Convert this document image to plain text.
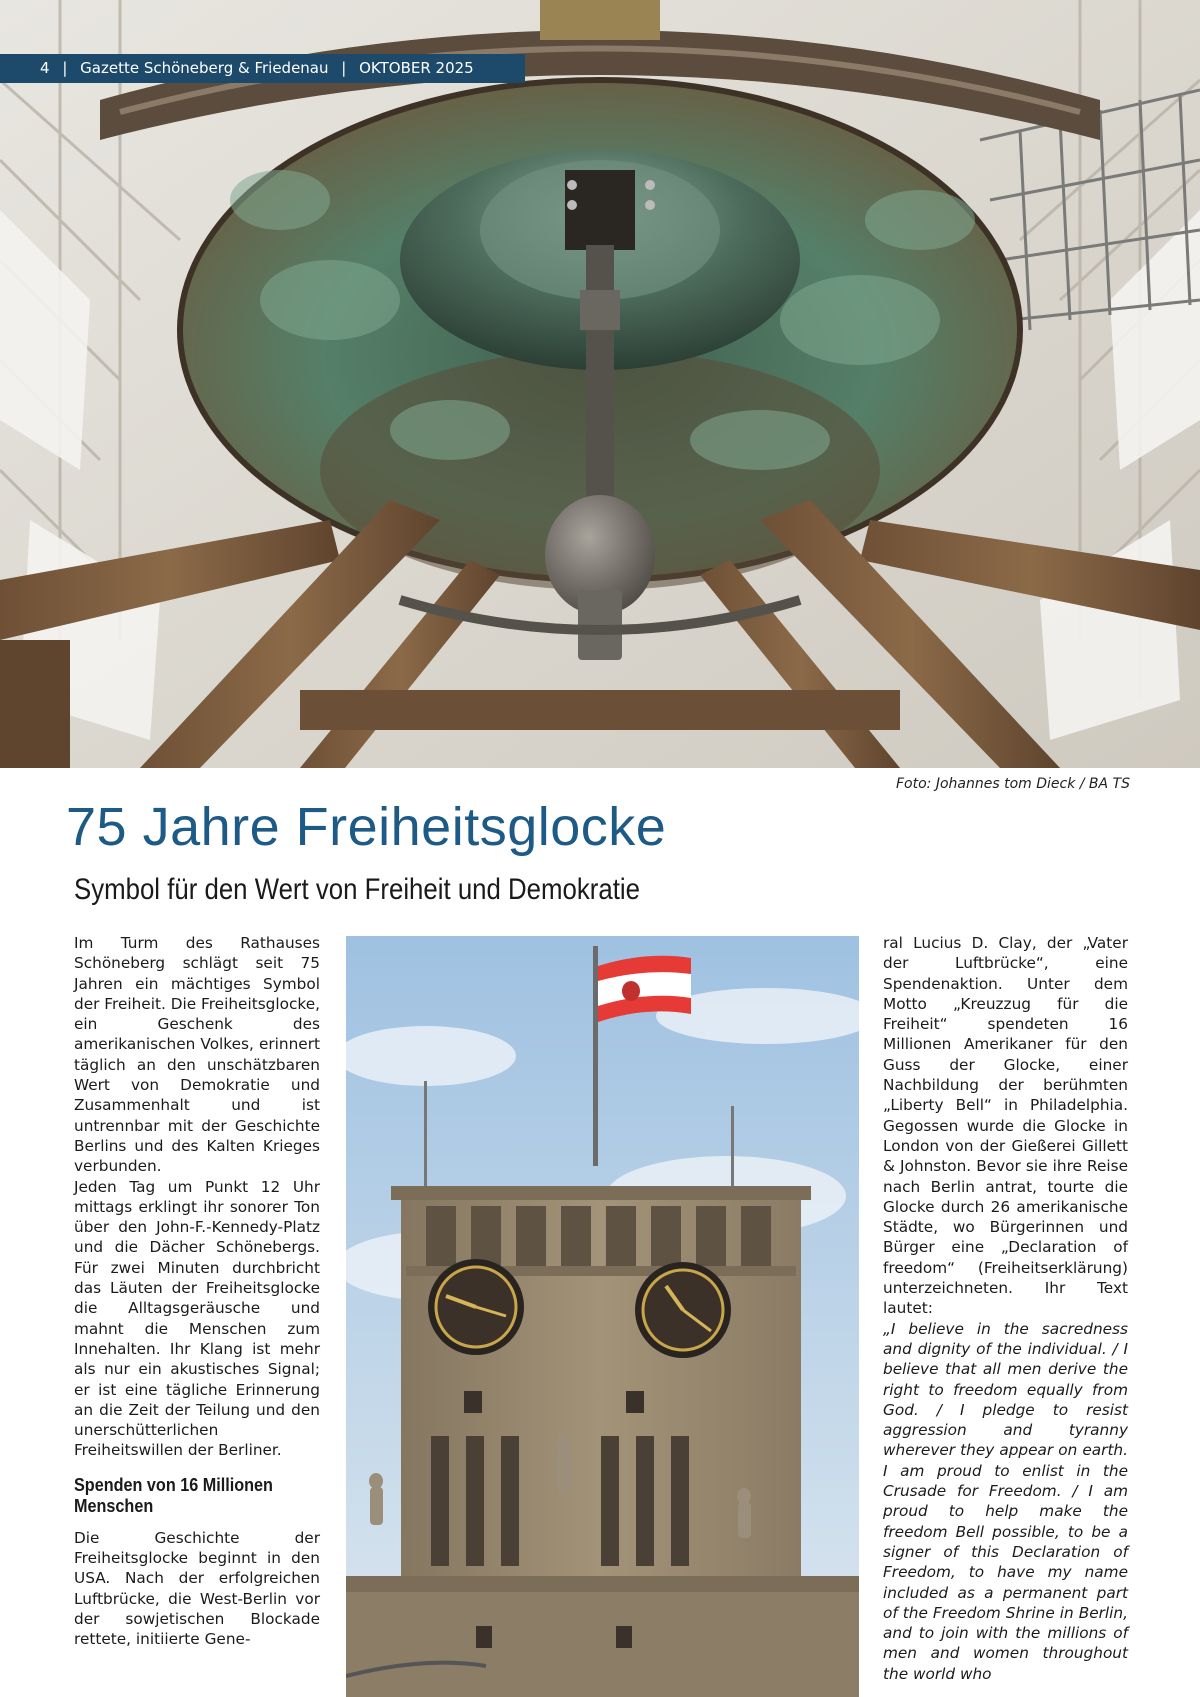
4 | Gazette Schöneberg & Friedenau | OKTOBER 2025
Foto: Johannes tom Dieck / BA TS
75 Jahre Freiheitsglocke
Symbol für den Wert von Freiheit und Demokratie

Im Turm des Rathauses Schöneberg schlägt seit 75 Jahren ein mächtiges Symbol der Freiheit. Die Freiheitsglocke, ein Geschenk des amerikanischen Volkes, erinnert täglich an den unschätzbaren Wert von Demokratie und Zusammenhalt und ist untrennbar mit der Geschichte Berlins und des Kalten Krieges verbunden.

Jeden Tag um Punkt 12 Uhr mittags erklingt ihr sonorer Ton über den John-F.-Kennedy-Platz und die Dächer Schönebergs. Für zwei Minuten durchbricht das Läuten der Freiheitsglocke die Alltagsgeräusche und mahnt die Menschen zum Innehalten. Ihr Klang ist mehr als nur ein akustisches Signal; er ist eine tägliche Erinnerung an die Zeit der Teilung und den unerschütterlichen Freiheitswillen der Berliner.

Spenden von 16 Millionen Menschen

Die Geschichte der Freiheitsglocke beginnt in den USA. Nach der erfolgreichen Luftbrücke, die West-Berlin vor der sowjetischen Blockade rettete, initiierte Gene-

ral Lucius D. Clay, der „Vater der Luftbrücke“, eine Spendenaktion. Unter dem Motto „Kreuzzug für die Freiheit“ spendeten 16 Millionen Amerikaner für den Guss der Glocke, einer Nachbildung der berühmten „Liberty Bell“ in Philadelphia. Gegossen wurde die Glocke in London von der Gießerei Gillett & Johnston. Bevor sie ihre Reise nach Berlin antrat, tourte die Glocke durch 26 amerikanische Städte, wo Bürgerinnen und Bürger eine „Declaration of freedom“ (Freiheitserklärung) unterzeichneten. Ihr Text lautet:

„I believe in the sacredness and dignity of the individual. / I believe that all men derive the right to freedom equally from God. / I pledge to resist aggression and tyranny wherever they appear on earth. I am proud to enlist in the Crusade for Freedom. / I am proud to help make the freedom Bell possible, to be a signer of this Declaration of Freedom, to have my name included as a permanent part of the Freedom Shrine in Berlin, and to join with the millions of men and women throughout the world who
